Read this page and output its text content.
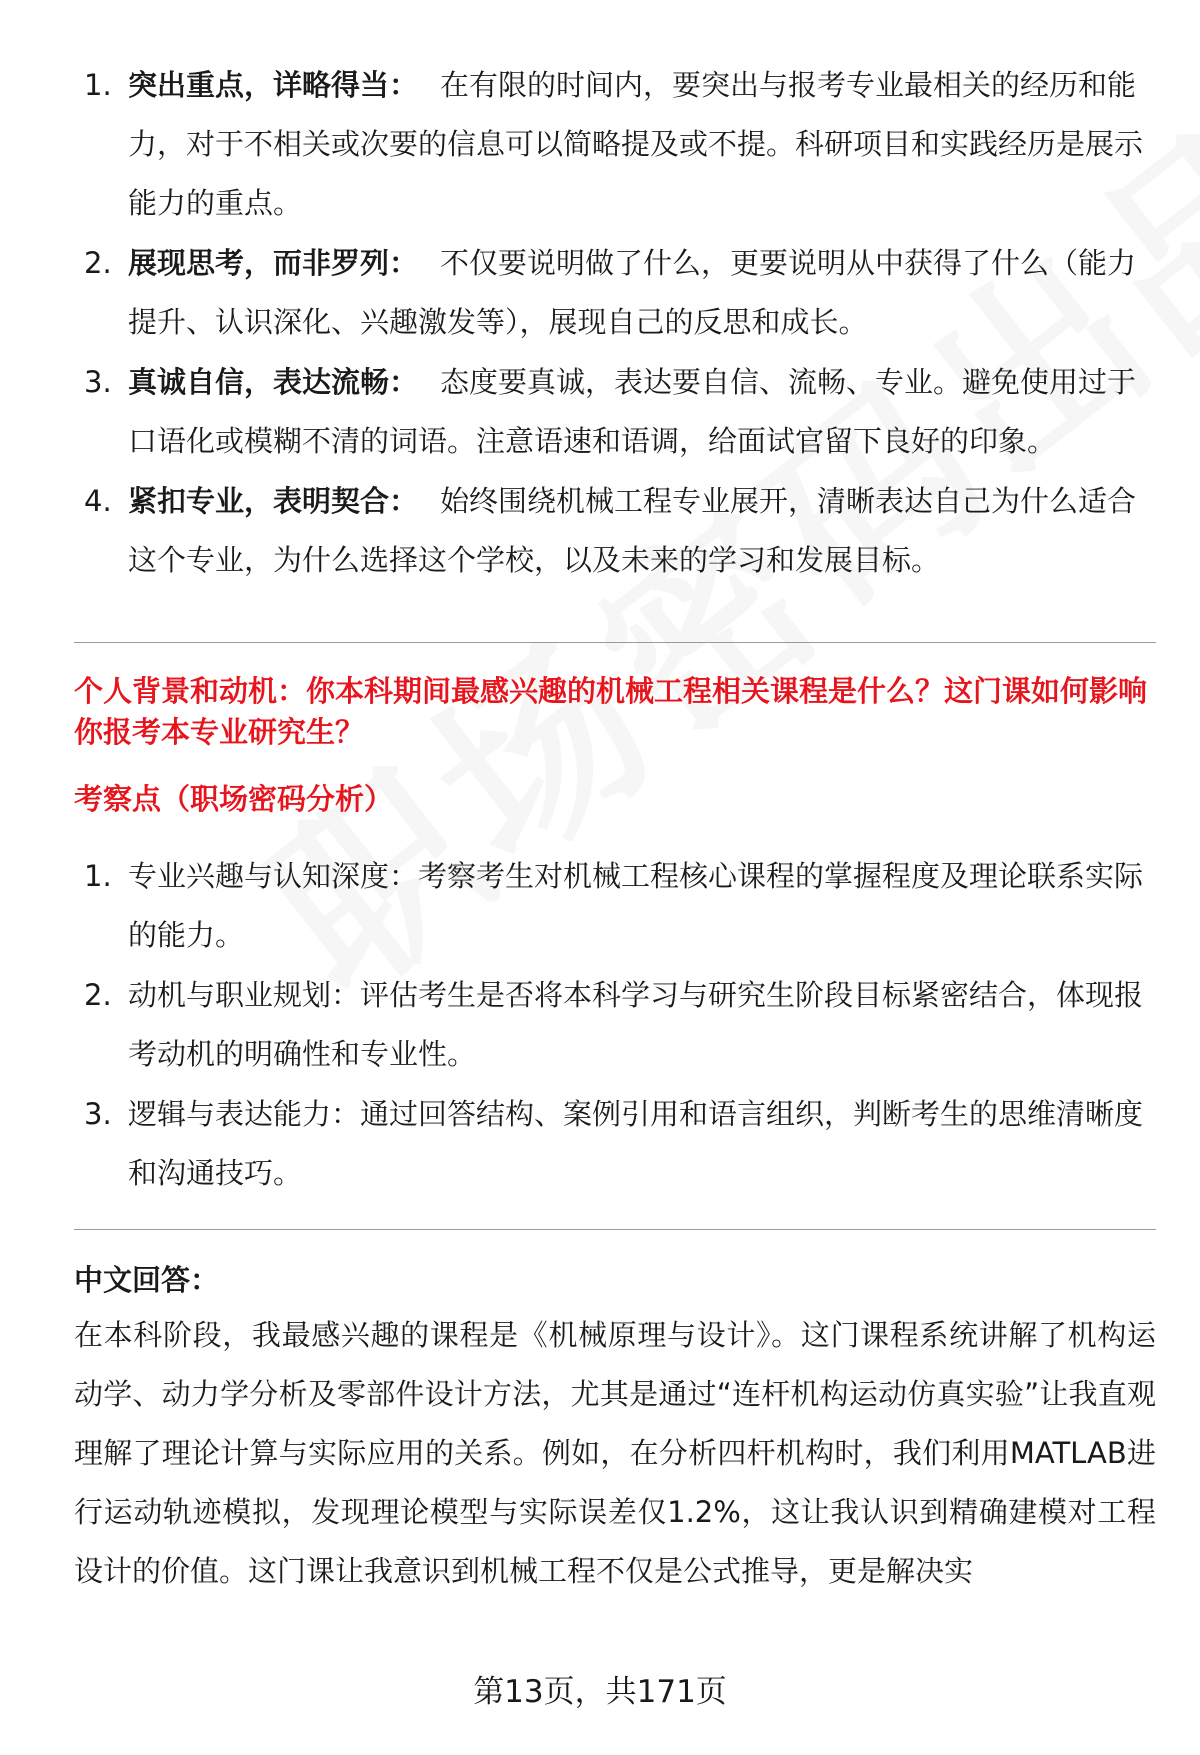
1. 突出重点，详略得当： 在有限的时间内，要突出与报考专业最相关的经历和能力，对于不相关或次要的信息可以简略提及或不提。科研项目和实践经历是展示能力的重点。
2. 展现思考，而非罗列： 不仅要说明做了什么，更要说明从中获得了什么（能力提升、认识深化、兴趣激发等），展现自己的反思和成长。
3. 真诚自信，表达流畅： 态度要真诚，表达要自信、流畅、专业。避免使用过于口语化或模糊不清的词语。注意语速和语调，给面试官留下良好的印象。
4. 紧扣专业，表明契合： 始终围绕机械工程专业展开，清晰表达自己为什么适合这个专业，为什么选择这个学校，以及未来的学习和发展目标。
个人背景和动机：你本科期间最感兴趣的机械工程相关课程是什么？这门课如何影响你报考本专业研究生？
考察点（职场密码分析）
1. 专业兴趣与认知深度：考察考生对机械工程核心课程的掌握程度及理论联系实际的能力。
2. 动机与职业规划：评估考生是否将本科学习与研究生阶段目标紧密结合，体现报考动机的明确性和专业性。
3. 逻辑与表达能力：通过回答结构、案例引用和语言组织，判断考生的思维清晰度和沟通技巧。
中文回答：
在本科阶段，我最感兴趣的课程是《机械原理与设计》。这门课程系统讲解了机构运动学、动力学分析及零部件设计方法，尤其是通过“连杆机构运动仿真实验”让我直观理解了理论计算与实际应用的关系。例如，在分析四杆机构时，我们利用MATLAB进行运动轨迹模拟，发现理论模型与实际误差仅1.2%，这让我认识到精确建模对工程设计的价值。这门课让我意识到机械工程不仅是公式推导，更是解决实
第13页，共171页
